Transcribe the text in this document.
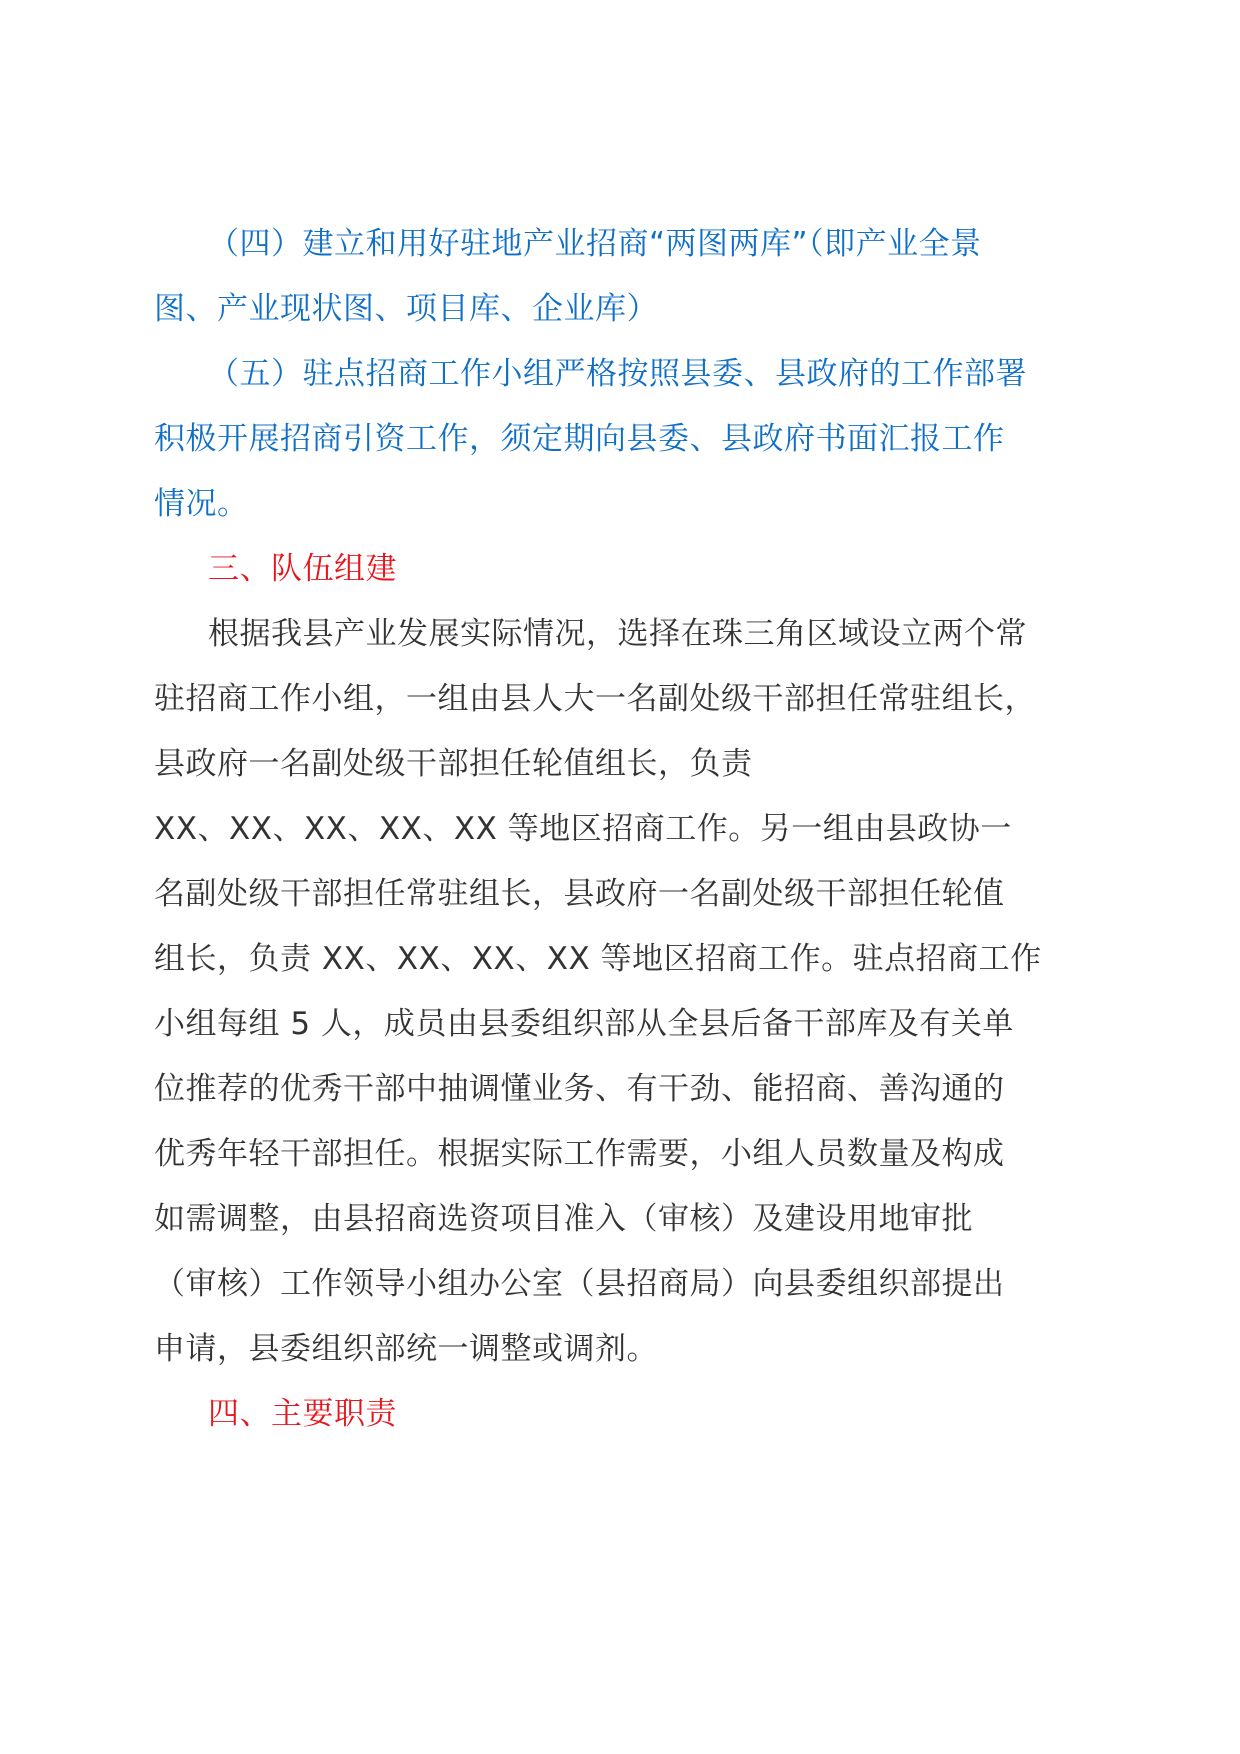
（四）建立和用好驻地产业招商“两图两库”（即产业全景
图、产业现状图、项目库、企业库）

（五）驻点招商工作小组严格按照县委、县政府的工作部署
积极开展招商引资工作，须定期向县委、县政府书面汇报工作
情况。

三、队伍组建

根据我县产业发展实际情况，选择在珠三角区域设立两个常
驻招商工作小组，一组由县人大一名副处级干部担任常驻组长，
县政府一名副处级干部担任轮值组长，负责
XX、XX、XX、XX、XX 等地区招商工作。另一组由县政协一
名副处级干部担任常驻组长，县政府一名副处级干部担任轮值
组长，负责 XX、XX、XX、XX 等地区招商工作。驻点招商工作
小组每组 5 人，成员由县委组织部从全县后备干部库及有关单
位推荐的优秀干部中抽调懂业务、有干劲、能招商、善沟通的
优秀年轻干部担任。根据实际工作需要，小组人员数量及构成
如需调整，由县招商选资项目准入（审核）及建设用地审批
（审核）工作领导小组办公室（县招商局）向县委组织部提出
申请，县委组织部统一调整或调剂。

四、主要职责
